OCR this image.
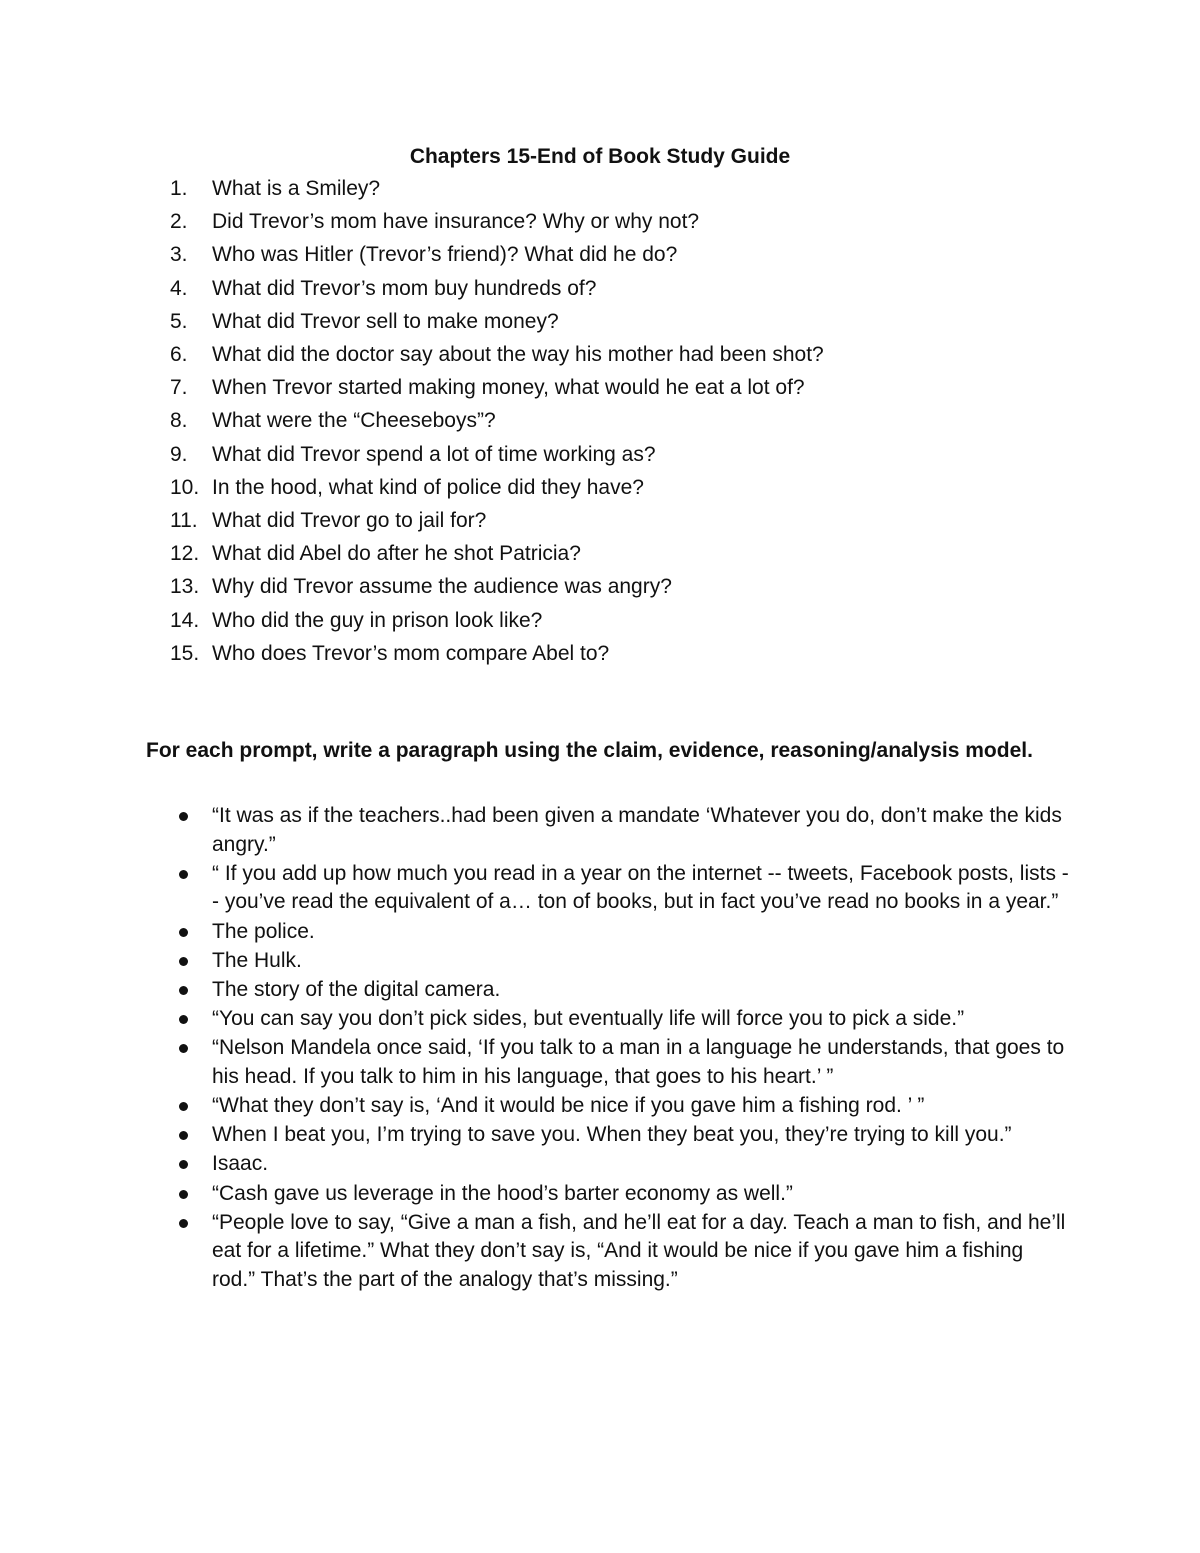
Chapters 15-End of Book Study Guide
1.	What is a Smiley?
2.	Did Trevor’s mom have insurance? Why or why not?
3.	Who was Hitler (Trevor’s friend)? What did he do?
4.	What did Trevor’s mom buy hundreds of?
5.	What did Trevor sell to make money?
6.	What did the doctor say about the way his mother had been shot?
7.	When Trevor started making money, what would he eat a lot of?
8.	What were the “Cheeseboys”?
9.	What did Trevor spend a lot of time working as?
10. In the hood, what kind of police did they have?
11. What did Trevor go to jail for?
12. What did Abel do after he shot Patricia?
13. Why did Trevor assume the audience was angry?
14. Who did the guy in prison look like?
15. Who does Trevor’s mom compare Abel to?
For each prompt, write a paragraph using the claim, evidence, reasoning/analysis model.
“It was as if the teachers..had been given a mandate ‘Whatever you do, don’t make the kids angry.”
“ If you add up how much you read in a year on the internet -- tweets, Facebook posts, lists -- you’ve read the equivalent of a… ton of books, but in fact you’ve read no books in a year.”
The police.
The Hulk.
The story of the digital camera.
“You can say you don’t pick sides, but eventually life will force you to pick a side.”
“Nelson Mandela once said, ‘If you talk to a man in a language he understands, that goes to his head. If you talk to him in his language, that goes to his heart.’ ”
“What they don’t say is, ‘And it would be nice if you gave him a fishing rod. ’ ”
When I beat you, I’m trying to save you. When they beat you, they’re trying to kill you.”
Isaac.
“Cash gave us leverage in the hood’s barter economy as well.”
“People love to say, “Give a man a fish, and he’ll eat for a day. Teach a man to fish, and he’ll eat for a lifetime.” What they don’t say is, “And it would be nice if you gave him a fishing rod.” That’s the part of the analogy that’s missing.”
